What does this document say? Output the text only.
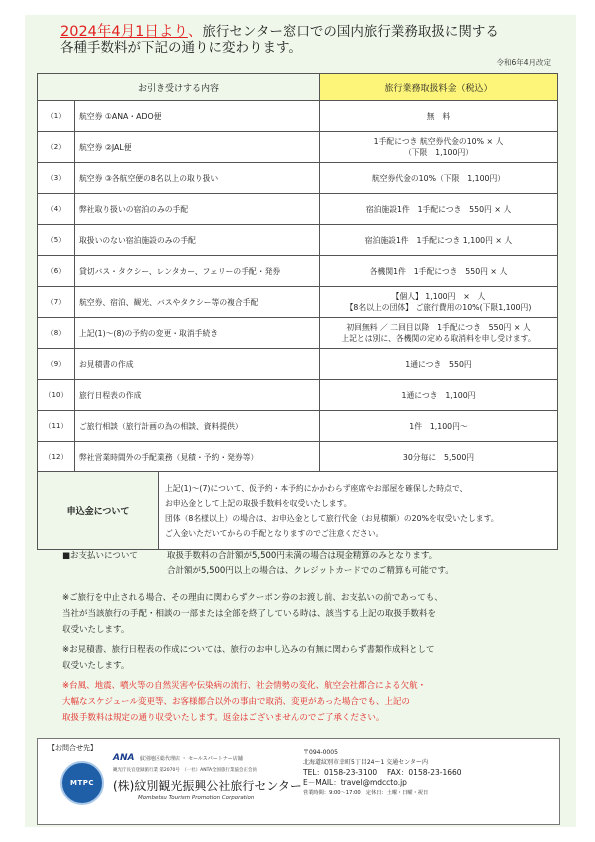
2024年4月1日より、旅行センター窓口での国内旅行業務取扱に関する
各種手数料が下記の通りに変わります。
令和6年4月改定
お引き受けする内容		旅行業務取扱料金（税込）
（1）	航空券 ①ANA・ADO便	無　料

（2）	航空券 ②JAL便	1手配につき 航空券代金の10% × 人
（下限　1,100円）

（3）	航空券 ③各航空便の8名以上の取り扱い	航空券代金の10%（下限　1,100円）

（4）	弊社取り扱いの宿泊のみの手配	宿泊施設1件　1手配につき　550円 × 人

（5）	取扱いのない宿泊施設のみの手配	宿泊施設1件　1手配につき 1,100円 × 人

（6）	貸切バス・タクシー、レンタカー、フェリーの手配・発券	各機関1件　1手配につき　550円 × 人

（7）	航空券、宿泊、観光、バスやタクシー等の複合手配	【個人】 1,100円　×　人
【8名以上の団体】 ご旅行費用の10%(下限1,100円)

（8）	上記(1)～(8)の予約の変更・取消手続き	初回無料 ／ 二回目以降　1手配につき　550円 × 人
上記とは別に、各機関の定める取消料を申し受けます。

（9）	お見積書の作成	1通につき　550円

（10）	旅行日程表の作成	1通につき　1,100円

（11）	ご旅行相談（旅行計画の為の相談、資料提供）	1件　1,100円～

（12）	弊社営業時間外の手配業務（見積・予約・発券等）	30分毎に　5,500円
申込金について	
上記(1)～(7)について、仮予約・本予約にかかわらず座席やお部屋を確保した時点で、
お申込金として上記の取扱手数料を収受いたします。
団体（8名様以上）の場合は、お申込金として旅行代金（お見積額）の20%を収受いたします。
ご入金いただいてからの手配となりますのでご注意ください。
■お支払いについて	取扱手数料の合計額が5,500円未満の場合は現金精算のみとなります。
合計額が5,500円以上の場合は、クレジットカードでのご精算も可能です。
※ご旅行を中止される場合、その理由に関わらずクーポン券のお渡し前、お支払いの前であっても、
当社が当該旅行の手配・相談の一部または全部を終了している時は、該当する上記の取扱手数料を
収受いたします。
※お見積書、旅行日程表の作成については、旅行のお申し込みの有無に関わらず書類作成料として
収受いたします。
※台風、地震、噴火等の自然災害や伝染病の流行、社会情勢の変化、航空会社都合による欠航・
大幅なスケジュール変更等、お客様都合以外の事由で取消、変更があった場合でも、上記の
取扱手数料は規定の通り収受いたします。返金はございませんのでご了承ください。
【お問合せ先】
MTPC
ANA 紋別地区総代理店 ・ セールスパートナー店舗
観光庁長官登録旅行業 第2070号　（一社）ANTA全国旅行業協会正会員
(株)紋別観光振興公社旅行センター
Mombetsu Tourism Promotion Corporation
〒094-0005
北海道紋別市幸町5丁目24ー1 交通センター内
TEL：0158-23-3100　 FAX：0158-23-1660
E－MAIL：travel@mdccto.jp
営業時間：9:00～17:00　定休日：土曜・日曜・祝日
